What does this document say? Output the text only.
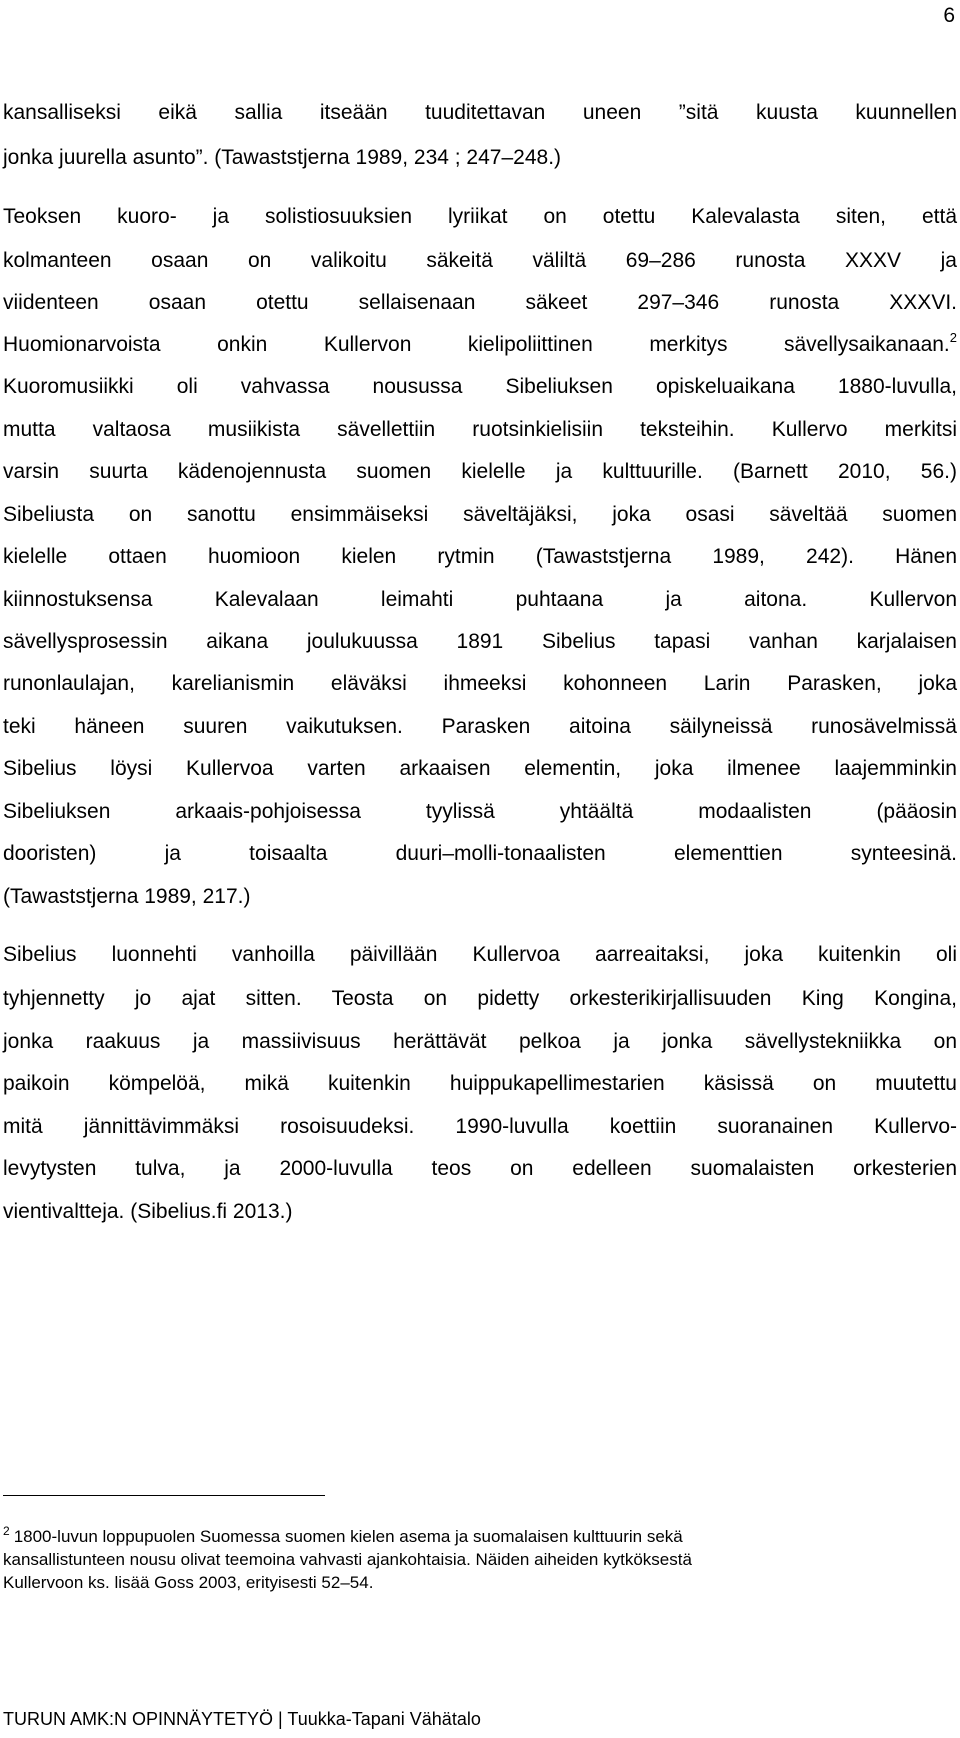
6
kansalliseksi eikä sallia itseään tuuditettavan uneen ”sitä kuusta kuunnellen
jonka juurella asunto”. (Tawaststjerna 1989, 234 ; 247–248.)
Teoksen kuoro- ja solistiosuuksien lyriikat on otettu Kalevalasta siten, että
kolmanteen osaan on valikoitu säkeitä väliltä 69–286 runosta XXXV ja
viidenteen osaan otettu sellaisenaan säkeet 297–346 runosta XXXVI.
Huomionarvoista onkin Kullervon kielipoliittinen merkitys sävellysaikanaan.$^2$
Kuoromusiikki oli vahvassa nousussa Sibeliuksen opiskeluaikana 1880-luvulla,
mutta valtaosa musiikista sävellettiin ruotsinkielisiin teksteihin. Kullervo merkitsi
varsin suurta kädenojennusta suomen kielelle ja kulttuurille. (Barnett 2010, 56.)
Sibeliusta on sanottu ensimmäiseksi säveltäjäksi, joka osasi säveltää suomen
kielelle ottaen huomioon kielen rytmin (Tawaststjerna 1989, 242). Hänen
kiinnostuksensa Kalevalaan leimahti puhtaana ja aitona. Kullervon
sävellysprosessin aikana joulukuussa 1891 Sibelius tapasi vanhan karjalaisen
runonlaulajan, karelianismin eläväksi ihmeeksi kohonneen Larin Parasken, joka
teki häneen suuren vaikutuksen. Parasken aitoina säilyneissä runosävelmissä
Sibelius löysi Kullervoa varten arkaaisen elementin, joka ilmenee laajemminkin
Sibeliuksen arkaais-pohjoisessa tyylissä yhtäältä modaalisten (pääosin
dooristen) ja toisaalta duuri–molli-tonaalisten elementtien synteesinä.
(Tawaststjerna 1989, 217.)
Sibelius luonnehti vanhoilla päivillään Kullervoa aarreaitaksi, joka kuitenkin oli
tyhjennetty jo ajat sitten. Teosta on pidetty orkesterikirjallisuuden King Kongina,
jonka raakuus ja massiivisuus herättävät pelkoa ja jonka sävellystekniikka on
paikoin kömpelöä, mikä kuitenkin huippukapellimestarien käsissä on muutettu
mitä jännittävimmäksi rosoisuudeksi. 1990-luvulla koettiin suoranainen Kullervo-
levytysten tulva, ja 2000-luvulla teos on edelleen suomalaisten orkesterien
vientivaltteja. (Sibelius.fi 2013.)
$^2$ 1800-luvun loppupuolen Suomessa suomen kielen asema ja suomalaisen kulttuurin sekä
kansallistunteen nousu olivat teemoina vahvasti ajankohtaisia. Näiden aiheiden kytköksestä
Kullervoon ks. lisää Goss 2003, erityisesti 52–54.
TURUN AMK:N OPINNÄYTETYÖ | Tuukka-Tapani Vähätalo
